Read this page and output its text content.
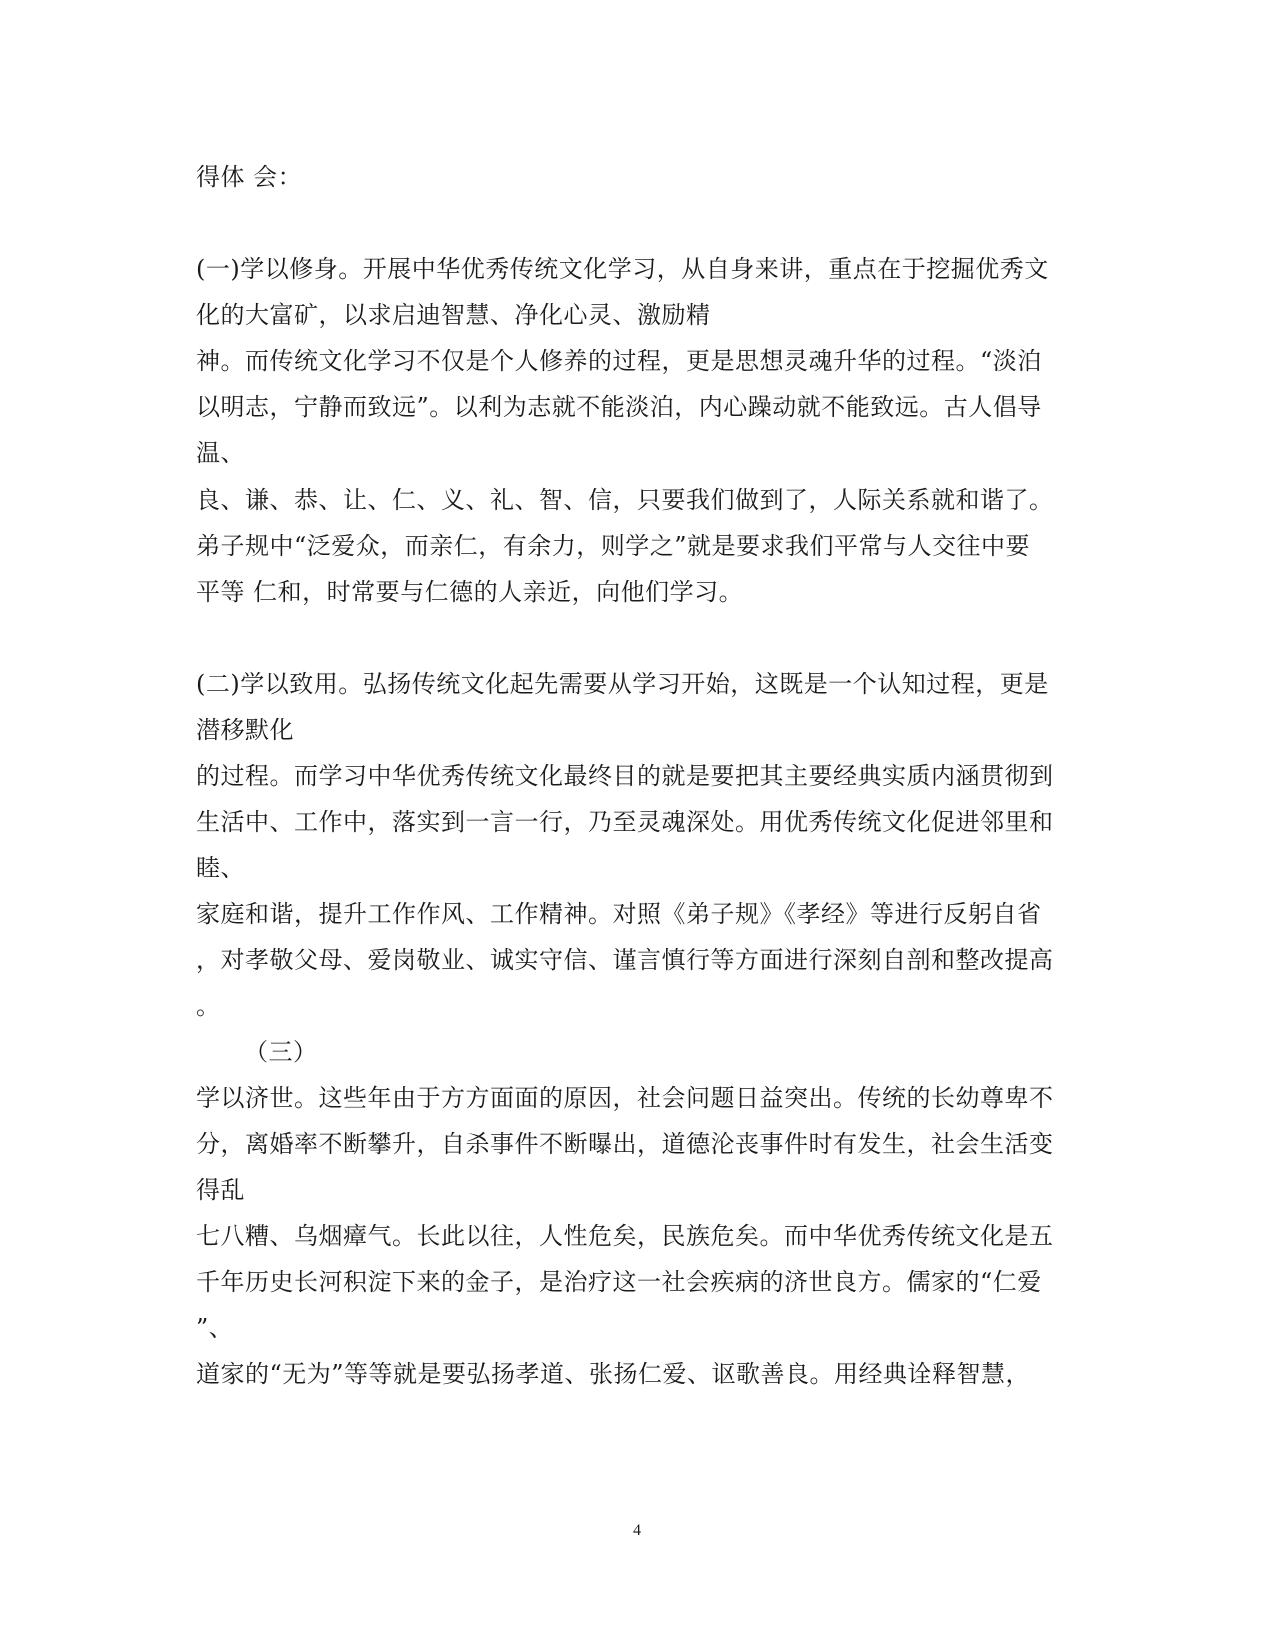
得体 会：
(一)学以修身。开展中华优秀传统文化学习，从自身来讲，重点在于挖掘优秀文
化的大富矿，以求启迪智慧、净化心灵、激励精
神。而传统文化学习不仅是个人修养的过程，更是思想灵魂升华的过程。“淡泊
以明志，宁静而致远”。以利为志就不能淡泊，内心躁动就不能致远。古人倡导
温、
良、谦、恭、让、仁、义、礼、智、信，只要我们做到了，人际关系就和谐了。
弟子规中“泛爱众，而亲仁，有余力，则学之”就是要求我们平常与人交往中要
平等 仁和，时常要与仁德的人亲近，向他们学习。
(二)学以致用。弘扬传统文化起先需要从学习开始，这既是一个认知过程，更是
潜移默化
的过程。而学习中华优秀传统文化最终目的就是要把其主要经典实质内涵贯彻到
生活中、工作中，落实到一言一行，乃至灵魂深处。用优秀传统文化促进邻里和
睦、
家庭和谐，提升工作作风、工作精神。对照《弟子规》《孝经》等进行反躬自省
，对孝敬父母、爱岗敬业、诚实守信、谨言慎行等方面进行深刻自剖和整改提高
。
（三）
学以济世。这些年由于方方面面的原因，社会问题日益突出。传统的长幼尊卑不
分，离婚率不断攀升，自杀事件不断曝出，道德沦丧事件时有发生，社会生活变
得乱
七八糟、乌烟瘴气。长此以往，人性危矣，民族危矣。而中华优秀传统文化是五
千年历史长河积淀下来的金子，是治疗这一社会疾病的济世良方。儒家的“仁爱
”、
道家的“无为”等等就是要弘扬孝道、张扬仁爱、讴歌善良。用经典诠释智慧，
4
